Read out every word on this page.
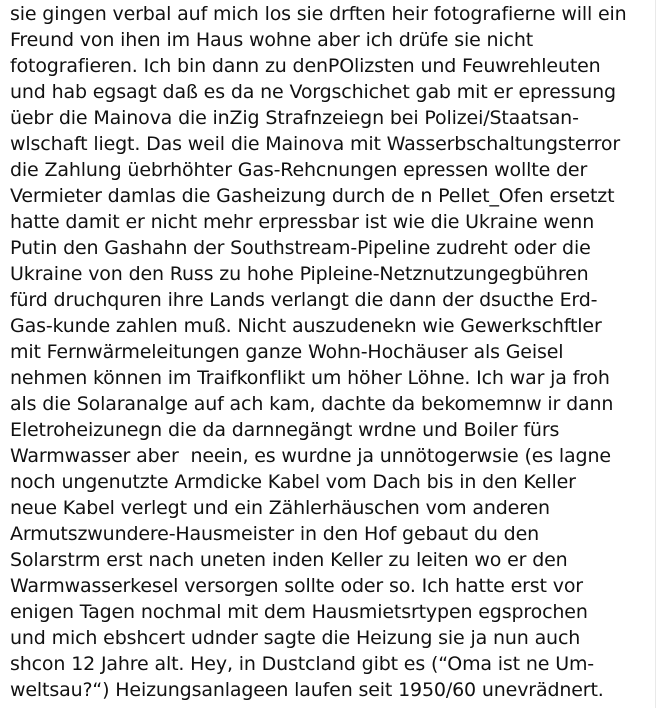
sie gingen verbal auf mich los sie drften heir fotografierne will ein
Freund von ihen im Haus wohne aber ich drüfe sie nicht
fotografieren. Ich bin dann zu denPOlizsten und Feuwrehleuten
und hab egsagt daß es da ne Vorgschichet gab mit er epressung
üebr die Mainova die inZig Strafnzeiegn bei Polizei/Staatsan-
wlschaft liegt. Das weil die Mainova mit Wasserbschaltungsterror
die Zahlung üebrhöhter Gas-Rehcnungen epressen wollte der
Vermieter damlas die Gasheizung durch de n Pellet_Ofen ersetzt
hatte damit er nicht mehr erpressbar ist wie die Ukraine wenn
Putin den Gashahn der Southstream-Pipeline zudreht oder die
Ukraine von den Russ zu hohe Pipleine-Netznutzungegbühren
fürd druchquren ihre Lands verlangt die dann der dsucthe Erd-
Gas-kunde zahlen muß. Nicht auszudenekn wie Gewerkschftler
mit Fernwärmeleitungen ganze Wohn-Hochäuser als Geisel
nehmen können im Traifkonflikt um höher Löhne. Ich war ja froh
als die Solaranalge auf ach kam, dachte da bekomemnw ir dann
Eletroheizunegn die da darnnegängt wrdne und Boiler fürs
Warmwasser aber  neein, es wurdne ja unnötogerwsie (es lagne
noch ungenutzte Armdicke Kabel vom Dach bis in den Keller
neue Kabel verlegt und ein Zählerhäuschen vom anderen
Armutszwundere-Hausmeister in den Hof gebaut du den
Solarstrm erst nach uneten inden Keller zu leiten wo er den
Warmwasserkesel versorgen sollte oder so. Ich hatte erst vor
enigen Tagen nochmal mit dem Hausmietsrtypen egsprochen
und mich ebshcert udnder sagte die Heizung sie ja nun auch
shcon 12 Jahre alt. Hey, in Dustcland gibt es (“Oma ist ne Um-
weltsau?“) Heizungsanlageen laufen seit 1950/60 unevrädnert.
